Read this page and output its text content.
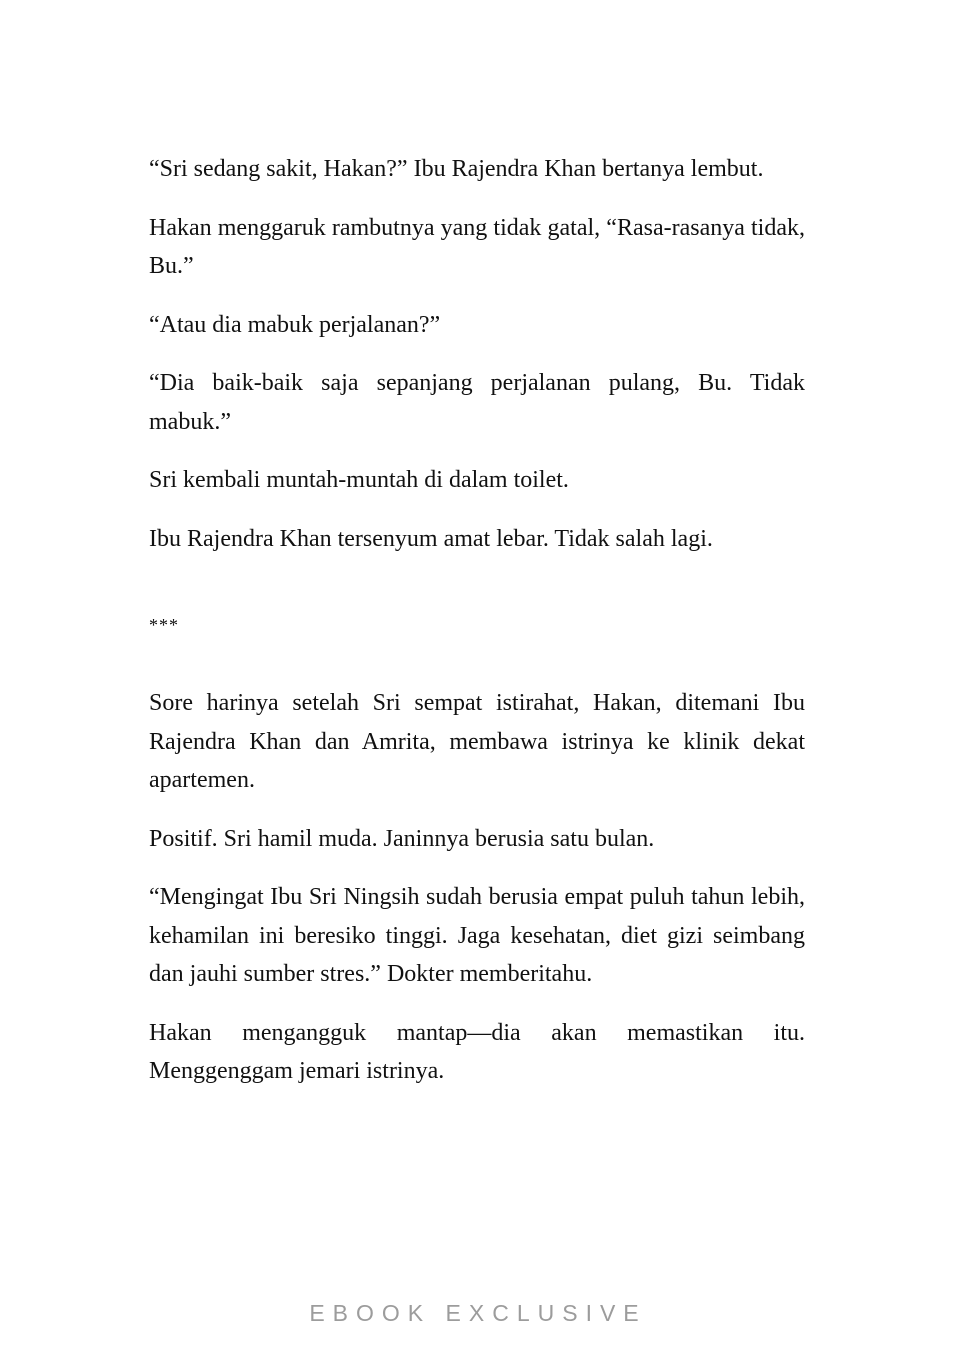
“Sri sedang sakit, Hakan?” Ibu Rajendra Khan bertanya lembut.

Hakan menggaruk rambutnya yang tidak gatal, “Rasa-rasanya tidak, Bu.”

“Atau dia mabuk perjalanan?”

“Dia baik-baik saja sepanjang perjalanan pulang, Bu. Tidak mabuk.”

Sri kembali muntah-muntah di dalam toilet.

Ibu Rajendra Khan tersenyum amat lebar. Tidak salah lagi.

***

Sore harinya setelah Sri sempat istirahat, Hakan, ditemani Ibu Rajendra Khan dan Amrita, membawa istrinya ke klinik dekat apartemen.

Positif. Sri hamil muda. Janinnya berusia satu bulan.

“Mengingat Ibu Sri Ningsih sudah berusia empat puluh tahun lebih, kehamilan ini beresiko tinggi. Jaga kesehatan, diet gizi seimbang dan jauhi sumber stres.” Dokter memberitahu.

Hakan mengangguk mantap—dia akan memastikan itu. Menggenggam jemari istrinya.

EBOOK EXCLUSIVE
